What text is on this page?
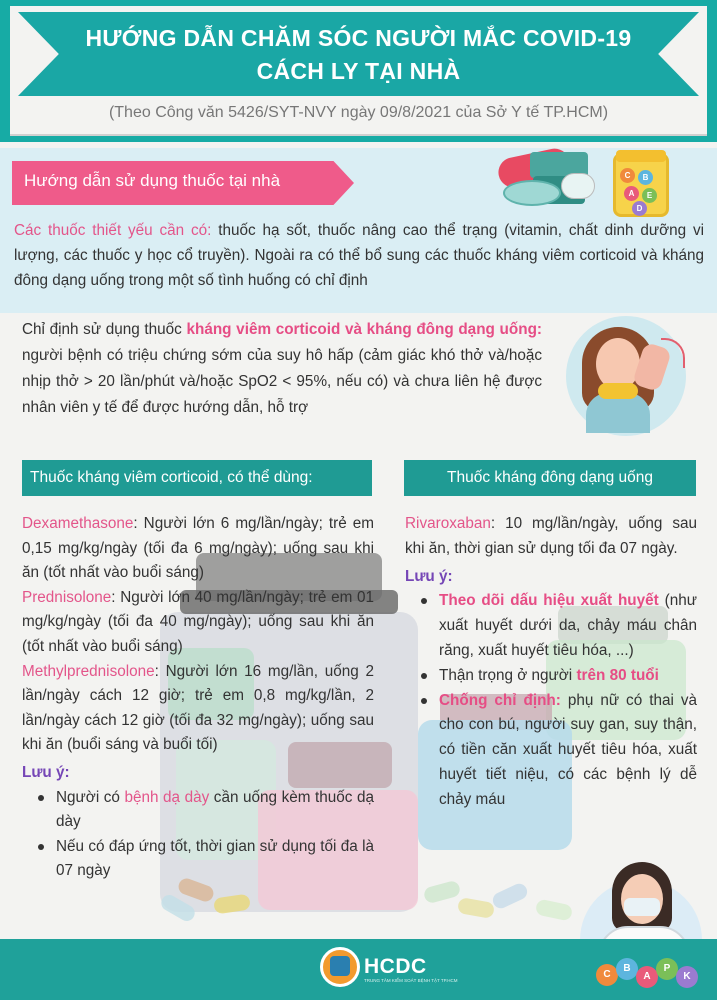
HƯỚNG DẪN CHĂM SÓC NGƯỜI MẮC COVID-19
CÁCH LY TẠI NHÀ
(Theo Công văn 5426/SYT-NVY ngày 09/8/2021 của Sở Y tế TP.HCM)
Hướng dẫn sử dụng thuốc tại nhà	C	B
A	E
D
Các thuốc thiết yếu cần có: thuốc hạ sốt, thuốc nâng cao thể trạng (vitamin, chất dinh dưỡng vi lượng, các thuốc y học cổ truyền). Ngoài ra có thể bổ sung các thuốc kháng viêm corticoid và kháng đông dạng uống trong một số tình huống có chỉ định
Chỉ định sử dụng thuốc kháng viêm corticoid và kháng đông dạng uống: người bệnh có triệu chứng sớm của suy hô hấp (cảm giác khó thở và/hoặc nhịp thở > 20 lần/phút và/hoặc SpO2 < 95%, nếu có) và chưa liên hệ được nhân viên y tế để được hướng dẫn, hỗ trợ
Thuốc kháng viêm corticoid, có thể dùng:	Thuốc kháng đông dạng uống

Dexamethasone: Người lớn 6 mg/lần/ngày; trẻ em 0,15 mg/kg/ngày (tối đa 6 mg/ngày); uống sau khi ăn (tốt nhất vào buổi sáng)

Prednisolone: Người lớn 40 mg/lần/ngày; trẻ em 01 mg/kg/ngày (tối đa 40 mg/ngày); uống sau khi ăn (tốt nhất vào buổi sáng)

Methylprednisolone: Người lớn 16 mg/lần, uống 2 lần/ngày cách 12 giờ; trẻ em 0,8 mg/kg/lần, 2 lần/ngày cách 12 giờ (tối đa 32 mg/ngày); uống sau khi ăn (buổi sáng và buổi tối)

Lưu ý:

Người có bệnh dạ dày cần uống kèm thuốc dạ dày
Nếu có đáp ứng tốt, thời gian sử dụng tối đa là 07 ngày

Rivaroxaban: 10 mg/lần/ngày, uống sau khi ăn, thời gian sử dụng tối đa 07 ngày.

Lưu ý:

Theo dõi dấu hiệu xuất huyết (như xuất huyết dưới da, chảy máu chân răng, xuất huyết tiêu hóa, ...)
Thận trọng ở người trên 80 tuổi
Chống chỉ định: phụ nữ có thai và cho con bú, người suy gan, suy thận, có tiền căn xuất huyết tiêu hóa, xuất huyết tiết niệu, có các bệnh lý dễ chảy máu
HCDC
TRUNG TÂM KIỂM SOÁT BỆNH TẬT TP.HCM
C
B
A
P
K
